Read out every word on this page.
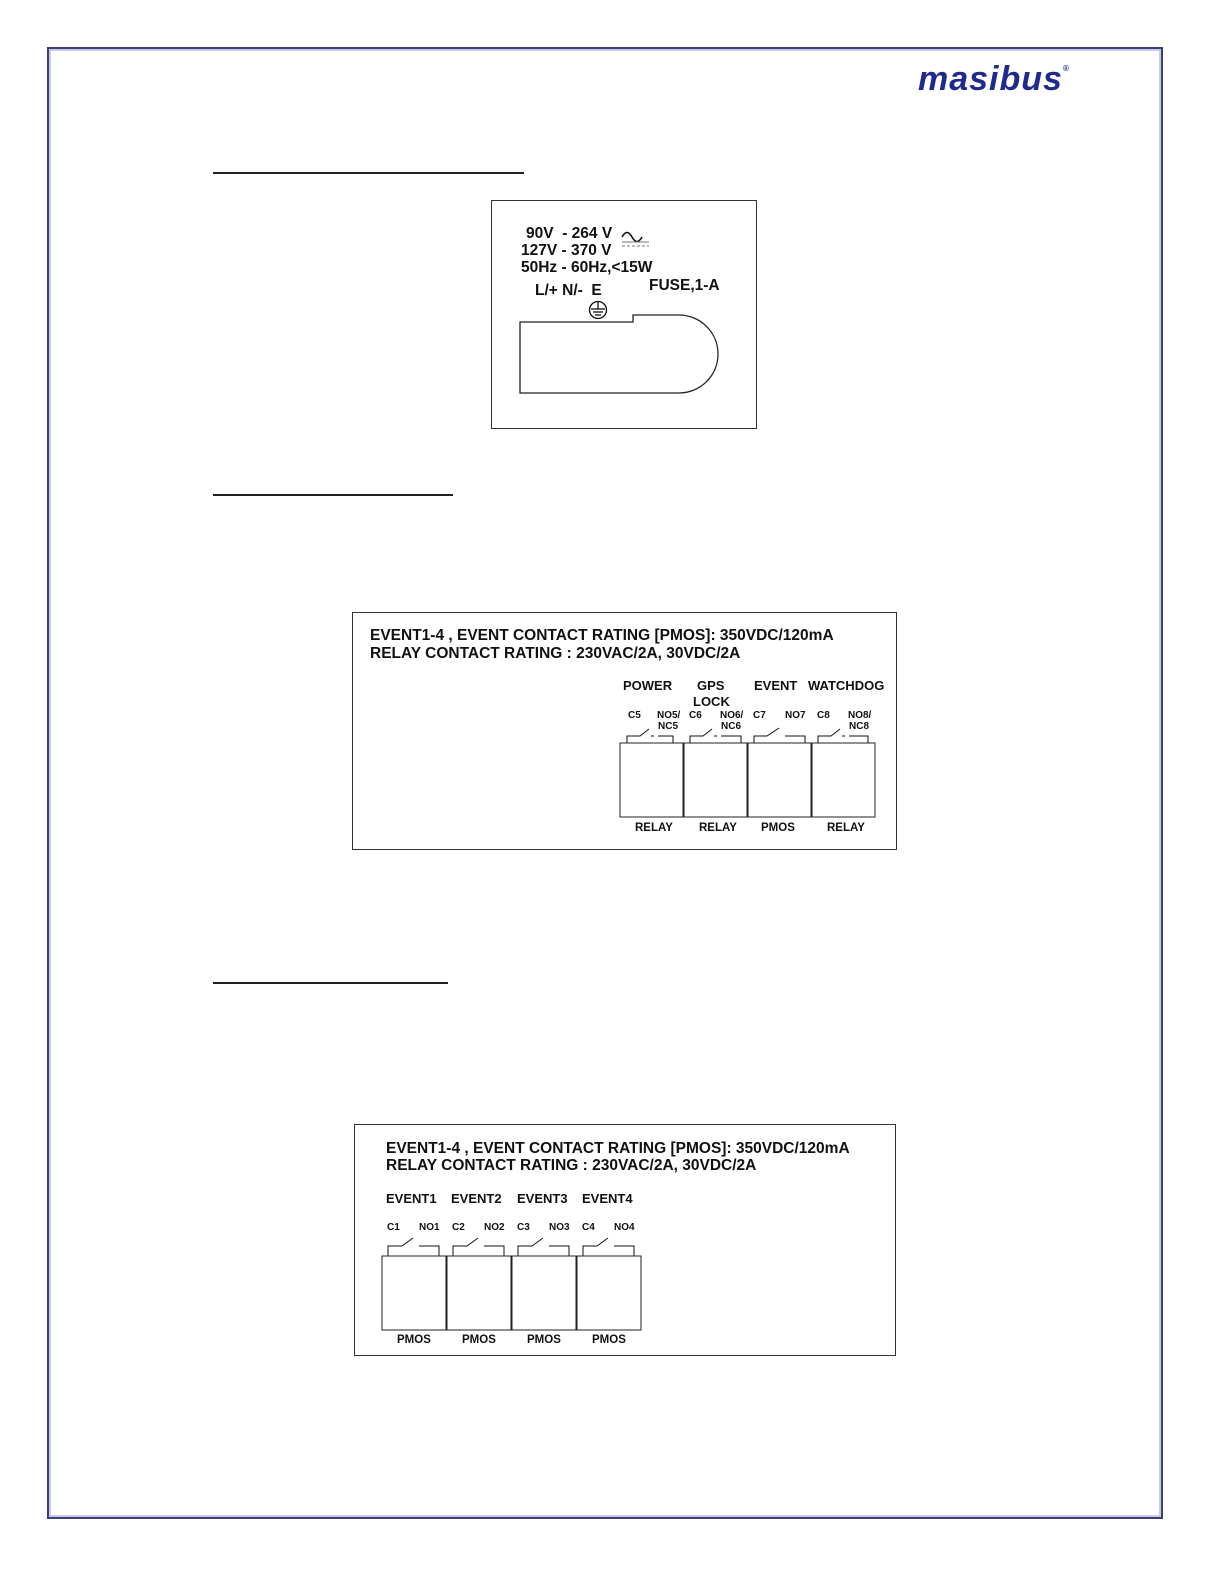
masibus®
90V  - 264 V
127V - 370 V
50Hz - 60Hz,<15W
L/+ N/-  E	FUSE,1-A
EVENT1-4 , EVENT CONTACT RATING [PMOS]: 350VDC/120mA
RELAY CONTACT RATING : 230VAC/2A, 30VDC/2A
POWER GPS
LOCK
EVENT WATCHDOG
C5 NO5/
NC5
C6 NO6/
NC6
C7 NO7 C8 NO8/
NC8
RELAY RELAY PMOS	RELAY
EVENT1-4 , EVENT CONTACT RATING [PMOS]: 350VDC/120mA
RELAY CONTACT RATING : 230VAC/2A, 30VDC/2A
EVENT1 EVENT2 EVENT3 EVENT4
C1 NO1 C2 NO2 C3 NO3 C4 NO4
PMOS	PMOS	PMOS	PMOS
